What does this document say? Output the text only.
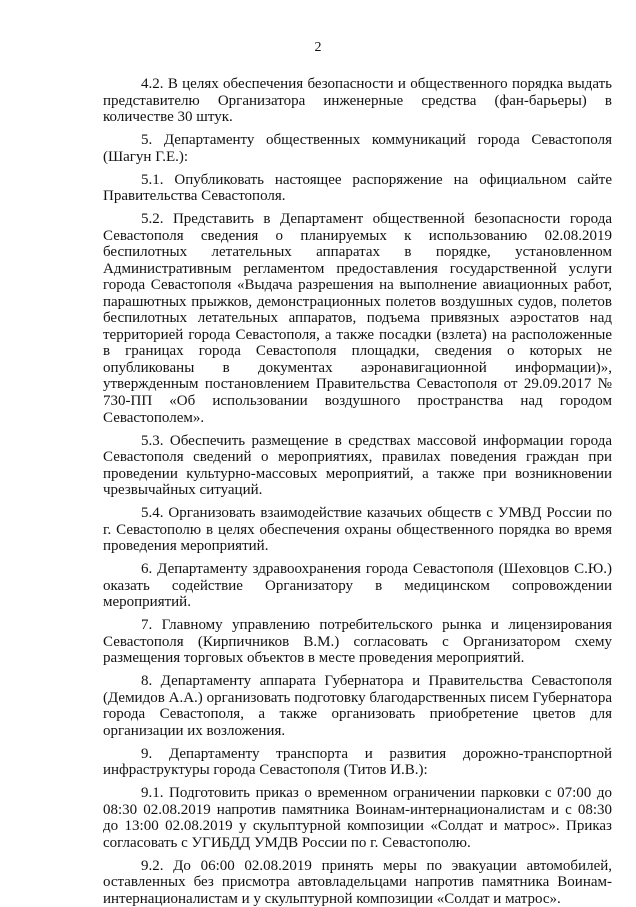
2

4.2. В целях обеспечения безопасности и общественного порядка выдать представителю Организатора инженерные средства (фан-барьеры) в количестве 30 штук.

5. Департаменту общественных коммуникаций города Севастополя (Шагун Г.Е.):

5.1. Опубликовать настоящее распоряжение на официальном сайте Правительства Севастополя.

5.2. Представить в Департамент общественной безопасности города Севастополя сведения о планируемых к использованию 02.08.2019 беспилотных летательных аппаратах в порядке, установленном Административным регламентом предоставления государственной услуги города Севастополя «Выдача разрешения на выполнение авиационных работ, парашютных прыжков, демонстрационных полетов воздушных судов, полетов беспилотных летательных аппаратов, подъема привязных аэростатов над территорией города Севастополя, а также посадки (взлета) на расположенные в границах города Севастополя площадки, сведения о которых не опубликованы в документах аэронавигационной информации)», утвержденным постановлением Правительства Севастополя от 29.09.2017 № 730-ПП «Об использовании воздушного пространства над городом Севастополем».

5.3. Обеспечить размещение в средствах массовой информации города Севастополя сведений о мероприятиях, правилах поведения граждан при проведении культурно-массовых мероприятий, а также при возникновении чрезвычайных ситуаций.

5.4. Организовать взаимодействие казачьих обществ с УМВД России по г. Севастополю в целях обеспечения охраны общественного порядка во время проведения мероприятий.

6. Департаменту здравоохранения города Севастополя (Шеховцов С.Ю.) оказать содействие Организатору в медицинском сопровождении мероприятий.

7. Главному управлению потребительского рынка и лицензирования Севастополя (Кирпичников В.М.) согласовать с Организатором схему размещения торговых объектов в месте проведения мероприятий.

8. Департаменту аппарата Губернатора и Правительства Севастополя (Демидов А.А.) организовать подготовку благодарственных писем Губернатора города Севастополя, а также организовать приобретение цветов для организации их возложения.

9. Департаменту транспорта и развития дорожно-транспортной инфраструктуры города Севастополя (Титов И.В.):

9.1. Подготовить приказ о временном ограничении парковки с 07:00 до 08:30 02.08.2019 напротив памятника Воинам-интернационалистам и с 08:30 до 13:00 02.08.2019 у скульптурной композиции «Солдат и матрос». Приказ согласовать с УГИБДД УМДВ России по г. Севастополю.

9.2. До 06:00 02.08.2019 принять меры по эвакуации автомобилей, оставленных без присмотра автовладельцами напротив памятника Воинам-интернационалистам и у скульптурной композиции «Солдат и матрос».
